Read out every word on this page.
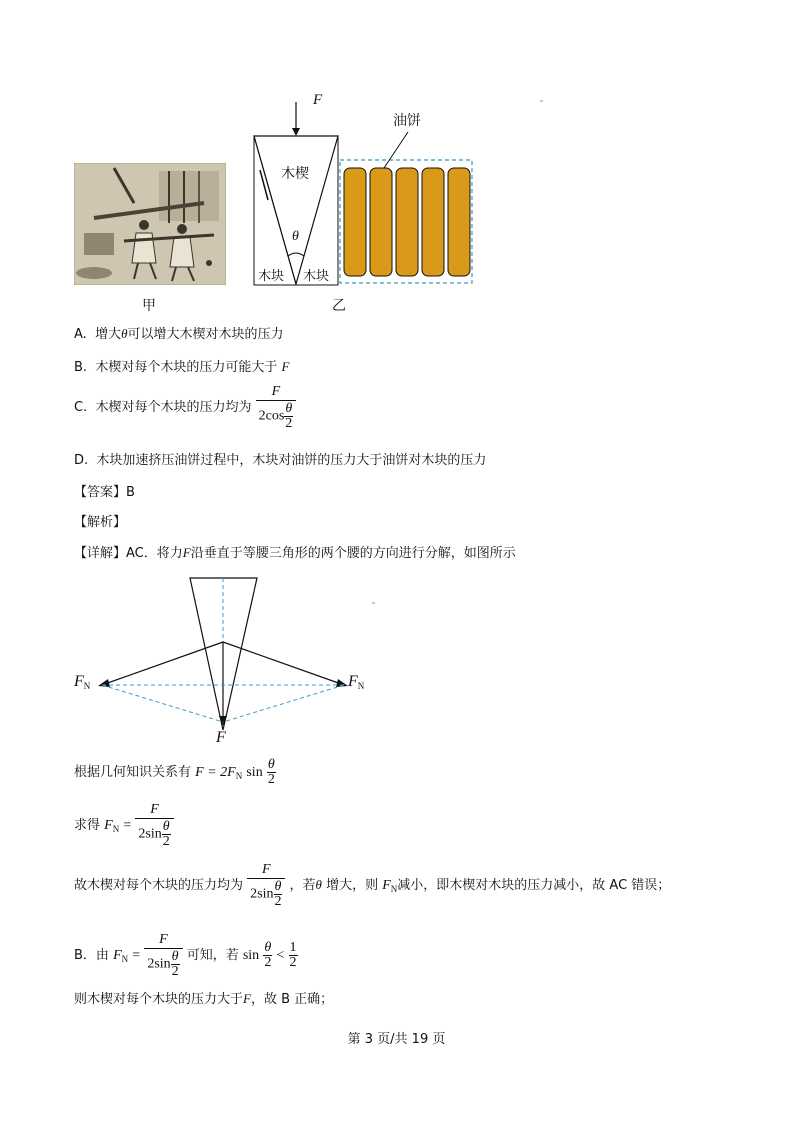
甲
F
木楔
θ
木块 木块
油饼
乙
A. 增大θ可以增大木楔对木块的压力
B. 木楔对每个木块的压力可能大于 F
C. 木楔对每个木块的压力均为 $\frac{F}{2\cos \frac{\theta}{2}}$
D. 木块加速挤压油饼过程中，木块对油饼的压力大于油饼对木块的压力
【答案】B
【解析】
【详解】AC．将力F沿垂直于等腰三角形的两个腰的方向进行分解，如图所示
FN	FN
F
根据几何知识关系有 $F = 2F_N$ $\sin \frac{\theta}{2}$
求得 $F_N = \frac{F}{2\sin \frac{\theta}{2}}$
故木楔对每个木块的压力均为 $\frac{F}{2\sin \frac{\theta}{2}}$ ，若θ 增大，则 $F_N$减小，即木楔对木块的压力减小，故 AC 错误；
B．由 $F_N = \frac{F}{2\sin \frac{\theta}{2}}$ 可知，若 $\sin \frac{\theta}{2} < \frac{1}{2}$
则木楔对每个木块的压力大于F，故 B 正确；
第 3 页/共 19 页
